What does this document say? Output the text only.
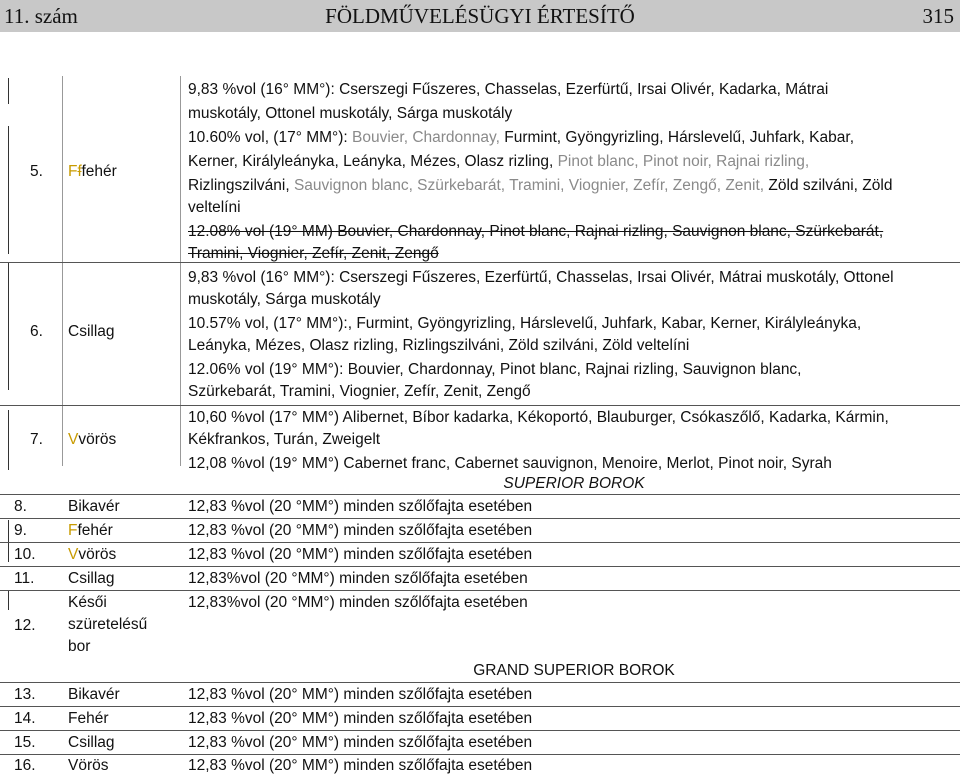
11. szám	FÖLDMŰVELÉSÜGYI ÉRTESÍTŐ	315
5. Fffehér
9,83 %vol (16° MM°): Cserszegi Fűszeres, Chasselas, Ezerfürtű, Irsai Olivér, Kadarka, Mátrai
muskotály, Ottonel muskotály, Sárga muskotály
10.60% vol, (17° MM°): Bouvier, Chardonnay, Furmint, Gyöngyrizling, Hárslevelű, Juhfark, Kabar,
Kerner, Királyleányka, Leányka, Mézes, Olasz rizling, Pinot blanc, Pinot noir, Rajnai rizling,
Rizlingszilváni, Sauvignon blanc, Szürkebarát, Tramini, Viognier, Zefír, Zengő, Zenit, Zöld szilváni, Zöld
veltelíni
12.08% vol (19° MM) Bouvier, Chardonnay, Pinot blanc, Rajnai rizling, Sauvignon blanc, Szürkebarát,
Tramini, Viognier, Zefír, Zenit, Zengő
6. Csillag
9,83 %vol (16° MM°): Cserszegi Fűszeres, Ezerfürtű, Chasselas, Irsai Olivér, Mátrai muskotály, Ottonel
muskotály, Sárga muskotály
10.57% vol, (17° MM°):, Furmint, Gyöngyrizling, Hárslevelű, Juhfark, Kabar, Kerner, Királyleányka,
Leányka, Mézes, Olasz rizling, Rizlingszilváni, Zöld szilváni, Zöld veltelíni
12.06% vol (19° MM°): Bouvier, Chardonnay, Pinot blanc, Rajnai rizling, Sauvignon blanc,
Szürkebarát, Tramini, Viognier, Zefír, Zenit, Zengő
7. Vvörös
10,60 %vol (17° MM°) Alibernet, Bíbor kadarka, Kékoportó, Blauburger, Csókaszőlő, Kadarka, Kármin,
Kékfrankos, Turán, Zweigelt
12,08 %vol (19° MM°) Cabernet franc, Cabernet sauvignon, Menoire, Merlot, Pinot noir, Syrah
SUPERIOR BOROK
8.	Bikavér	12,83 %vol (20 °MM°) minden szőlőfajta esetében
9.	Ffehér	12,83 %vol (20 °MM°) minden szőlőfajta esetében
10. Vvörös	12,83 %vol (20 °MM°) minden szőlőfajta esetében
11. Csillag	12,83%vol (20 °MM°) minden szőlőfajta esetében
12.
Késői
szüretelésű
bor
12,83%vol (20 °MM°) minden szőlőfajta esetében
GRAND SUPERIOR BOROK
13. Bikavér	12,83 %vol (20° MM°) minden szőlőfajta esetében
14. Fehér	12,83 %vol (20° MM°) minden szőlőfajta esetében
15. Csillag	12,83 %vol (20° MM°) minden szőlőfajta esetében
16. Vörös	12,83 %vol (20° MM°) minden szőlőfajta esetében
